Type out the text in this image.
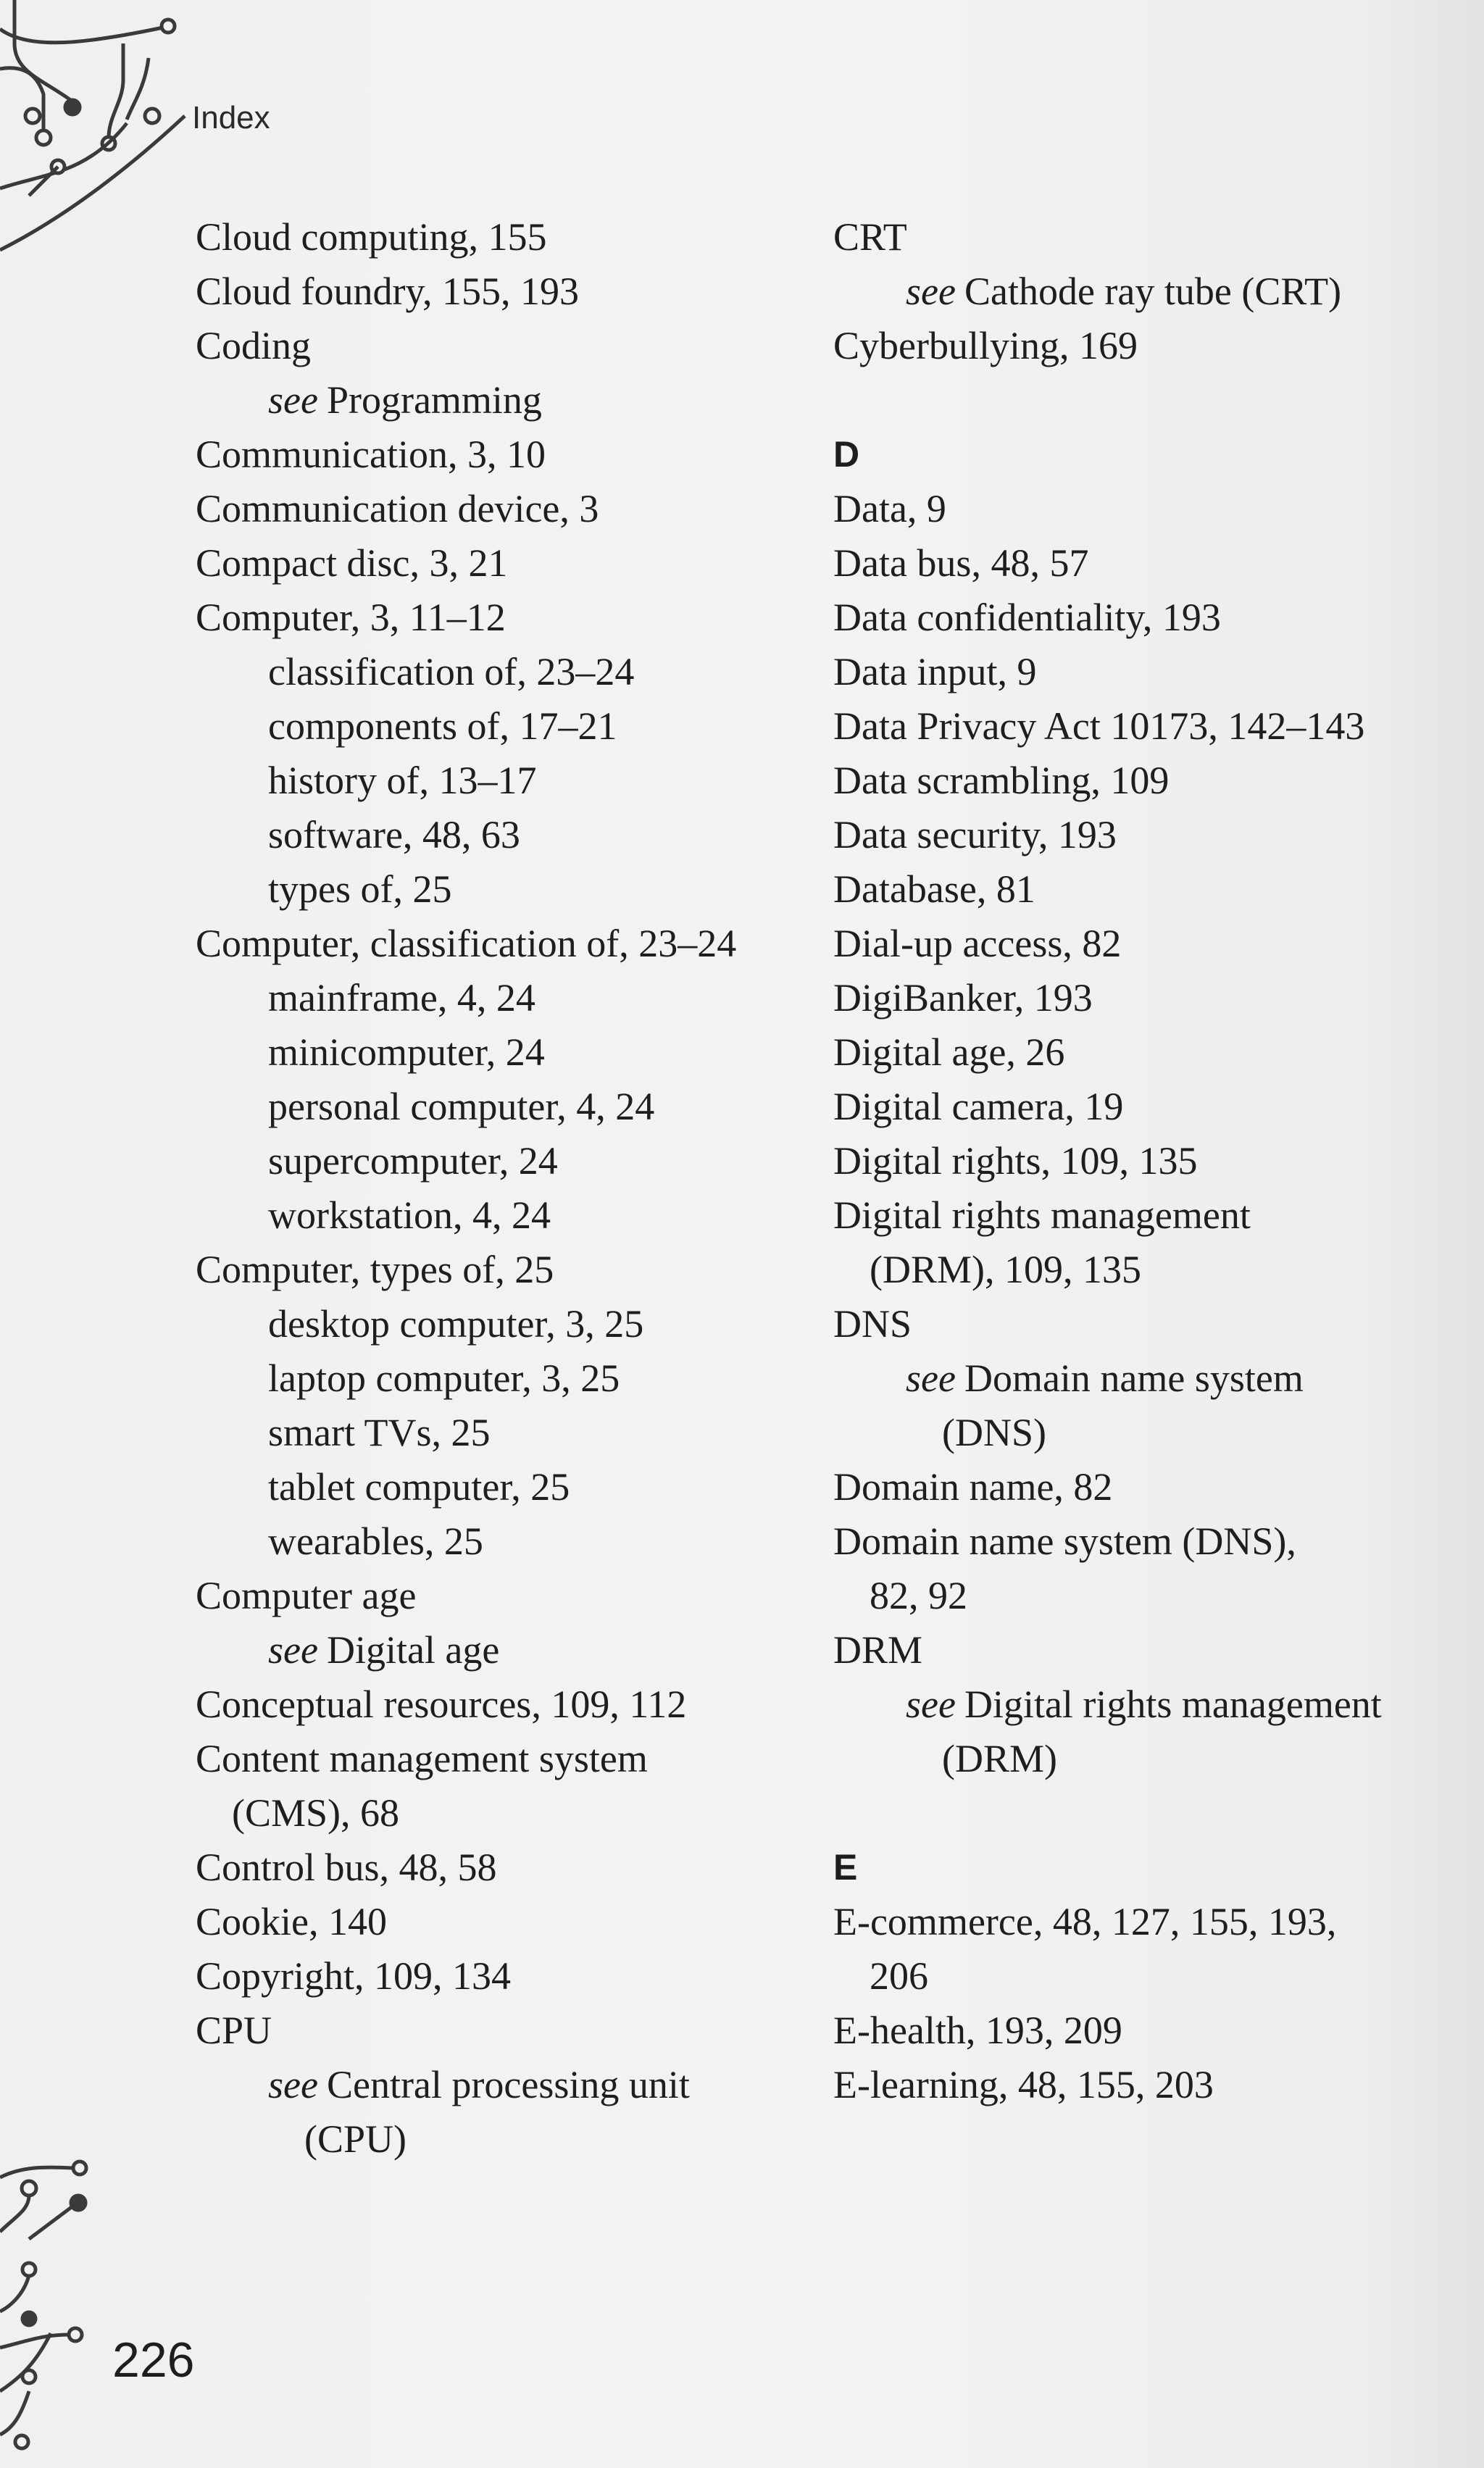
Index
Cloud computing, 155
Cloud foundry, 155, 193
Coding
see Programming
Communication, 3, 10
Communication device, 3
Compact disc, 3, 21
Computer, 3, 11–12
classification of, 23–24
components of, 17–21
history of, 13–17
software, 48, 63
types of, 25
Computer, classification of, 23–24
mainframe, 4, 24
minicomputer, 24
personal computer, 4, 24
supercomputer, 24
workstation, 4, 24
Computer, types of, 25
desktop computer, 3, 25
laptop computer, 3, 25
smart TVs, 25
tablet computer, 25
wearables, 25
Computer age
see Digital age
Conceptual resources, 109, 112
Content management system
(CMS), 68
Control bus, 48, 58
Cookie, 140
Copyright, 109, 134
CPU
see Central processing unit
(CPU)
CRT
see Cathode ray tube (CRT)
Cyberbullying, 169
D
Data, 9
Data bus, 48, 57
Data confidentiality, 193
Data input, 9
Data Privacy Act 10173, 142–143
Data scrambling, 109
Data security, 193
Database, 81
Dial-up access, 82
DigiBanker, 193
Digital age, 26
Digital camera, 19
Digital rights, 109, 135
Digital rights management
(DRM), 109, 135
DNS
see Domain name system
(DNS)
Domain name, 82
Domain name system (DNS),
82, 92
DRM
see Digital rights management
(DRM)
E
E-commerce, 48, 127, 155, 193,
206
E-health, 193, 209
E-learning, 48, 155, 203
226
